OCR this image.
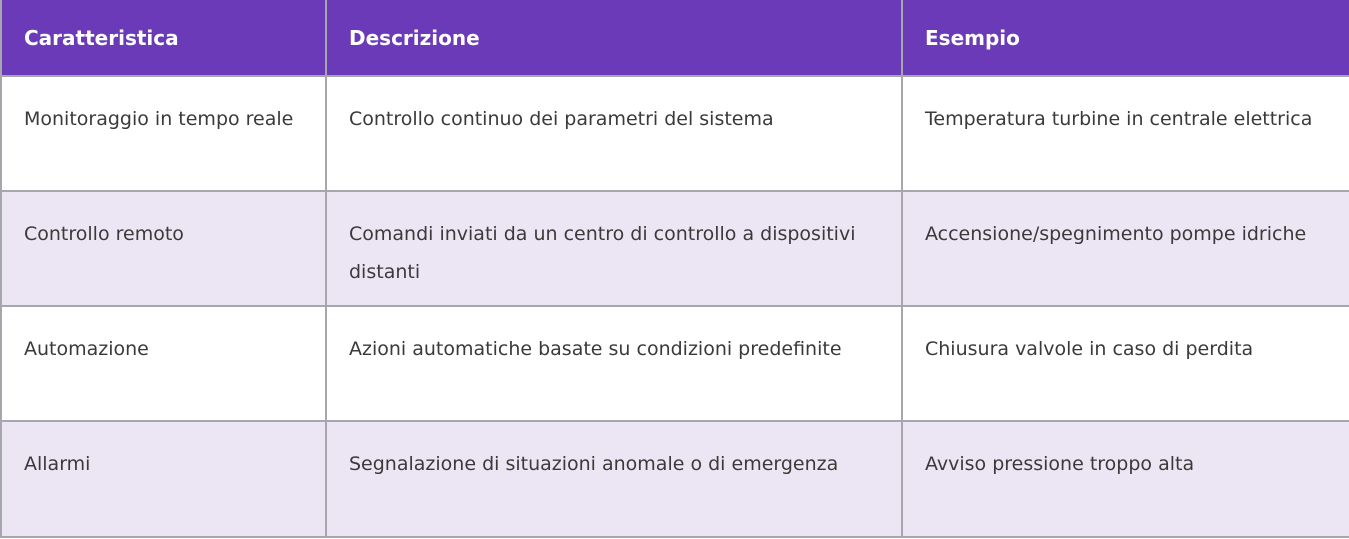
Caratteristica	Descrizione	Esempio
Monitoraggio in tempo reale	Controllo continuo dei parametri del sistema	Temperatura turbine in centrale elettrica
Controllo remoto	Comandi inviati da un centro di controllo a dispositivi distanti	Accensione/spegnimento pompe idriche
Automazione	Azioni automatiche basate su condizioni predefinite	Chiusura valvole in caso di perdita
Allarmi	Segnalazione di situazioni anomale o di emergenza	Avviso pressione troppo alta
